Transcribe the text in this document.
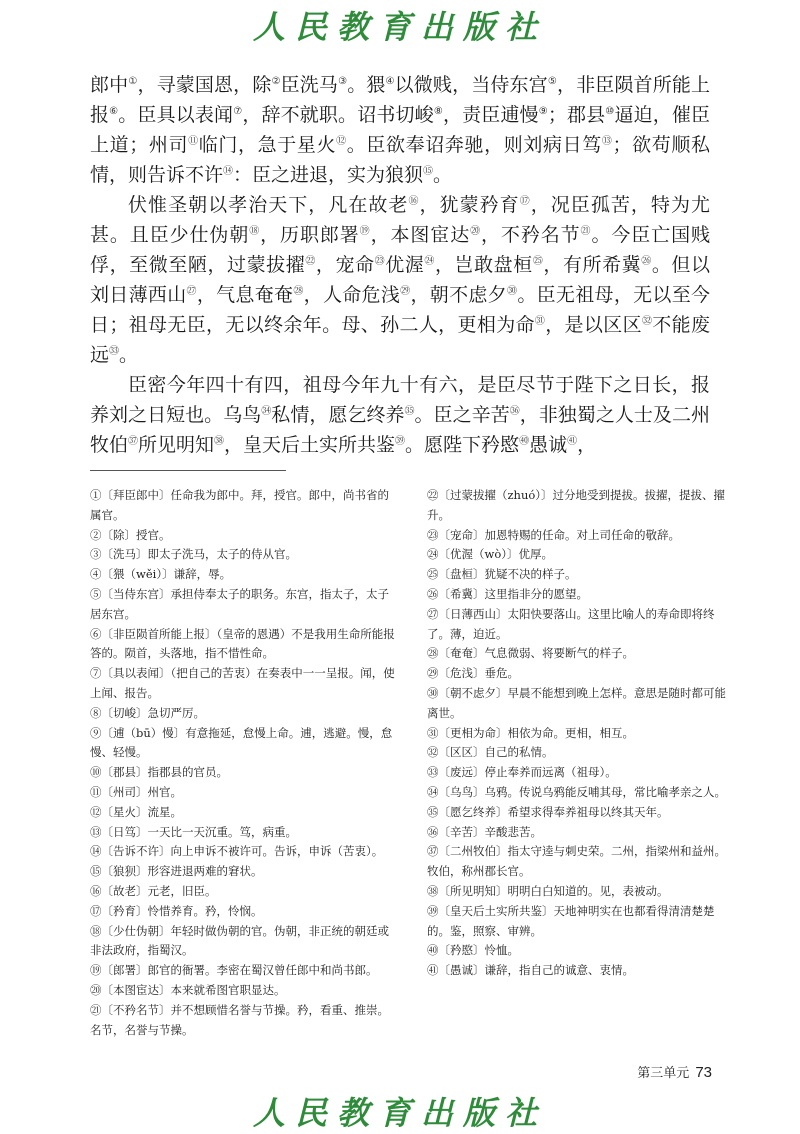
人民教育出版社

郎中①，寻蒙国恩，除②臣洗马③。猥④以微贱，当侍东宫⑤，非臣陨首所能上报⑥。臣具以表闻⑦，辞不就职。诏书切峻⑧，责臣逋慢⑨；郡县⑩逼迫，催臣上道；州司⑪临门，急于星火⑫。臣欲奉诏奔驰，则刘病日笃⑬；欲苟顺私情，则告诉不许⑭：臣之进退，实为狼狈⑮。

伏惟圣朝以孝治天下，凡在故老⑯，犹蒙矜育⑰，况臣孤苦，特为尤甚。且臣少仕伪朝⑱，历职郎署⑲，本图宦达⑳，不矜名节$^㉑$。今臣亡国贱俘，至微至陋，过蒙拔擢$^㉒$，宠命$^㉓$优渥$^㉔$，岂敢盘桓$^㉕$，有所希冀$^㉖$。但以刘日薄西山$^㉗$，气息奄奄$^㉘$，人命危浅$^㉙$，朝不虑夕$^㉚$。臣无祖母，无以至今日；祖母无臣，无以终余年。母、孙二人，更相为命$^㉛$，是以区区$^㉜$不能废远$^㉝$。

臣密今年四十有四，祖母今年九十有六，是臣尽节于陛下之日长，报养刘之日短也。乌鸟$^㉞$私情，愿乞终养$^㉟$。臣之辛苦$^㊱$，非独蜀之人士及二州牧伯$^㊲$所见明知$^㊳$，皇天后土实所共鉴$^㊴$。愿陛下矜愍$^㊵$愚诚$^㊶$，

①〔拜臣郎中〕任命我为郎中。拜，授官。郎中，尚书省的属官。
②〔除〕授官。
③〔洗马〕即太子洗马，太子的侍从官。
④〔猥（wěi）〕谦辞，辱。
⑤〔当侍东宫〕承担侍奉太子的职务。东宫，指太子，太子居东宫。
⑥〔非臣陨首所能上报〕（皇帝的恩遇）不是我用生命所能报答的。陨首，头落地，指不惜性命。
⑦〔具以表闻〕（把自己的苦衷）在奏表中一一呈报。闻，使上闻、报告。
⑧〔切峻〕急切严厉。
⑨〔逋（bū）慢〕有意拖延，怠慢上命。逋，逃避。慢，怠慢、轻慢。
⑩〔郡县〕指郡县的官员。
⑪〔州司〕州官。
⑫〔星火〕流星。
⑬〔日笃〕一天比一天沉重。笃，病重。
⑭〔告诉不许〕向上申诉不被许可。告诉，申诉（苦衷）。
⑮〔狼狈〕形容进退两难的窘状。
⑯〔故老〕元老，旧臣。
⑰〔矜育〕怜惜养育。矜，怜悯。
⑱〔少仕伪朝〕年轻时做伪朝的官。伪朝，非正统的朝廷或非法政府，指蜀汉。
⑲〔郎署〕郎官的衙署。李密在蜀汉曾任郎中和尚书郎。
⑳〔本图宦达〕本来就希图官职显达。
㉑〔不矜名节〕并不想顾惜名誉与节操。矜，看重、推崇。名节，名誉与节操。
㉒〔过蒙拔擢（zhuó）〕过分地受到提拔。拔擢，提拔、擢升。
㉓〔宠命〕加恩特赐的任命。对上司任命的敬辞。
㉔〔优渥（wò）〕优厚。
㉕〔盘桓〕犹疑不决的样子。
㉖〔希冀〕这里指非分的愿望。
㉗〔日薄西山〕太阳快要落山。这里比喻人的寿命即将终了。薄，迫近。
㉘〔奄奄〕气息微弱、将要断气的样子。
㉙〔危浅〕垂危。
㉚〔朝不虑夕〕早晨不能想到晚上怎样。意思是随时都可能离世。
㉛〔更相为命〕相依为命。更相，相互。
㉜〔区区〕自己的私情。
㉝〔废远〕停止奉养而远离（祖母）。
㉞〔乌鸟〕乌鸦。传说乌鸦能反哺其母，常比喻孝亲之人。
㉟〔愿乞终养〕希望求得奉养祖母以终其天年。
㊱〔辛苦〕辛酸悲苦。
㊲〔二州牧伯〕指太守逵与刺史荣。二州，指梁州和益州。牧伯，称州郡长官。
㊳〔所见明知〕明明白白知道的。见，表被动。
㊴〔皇天后土实所共鉴〕天地神明实在也都看得清清楚楚的。鉴，照察、审辨。
㊵〔矜愍〕怜恤。
㊶〔愚诚〕谦辞，指自己的诚意、衷情。
第三单元 73
人民教育出版社
